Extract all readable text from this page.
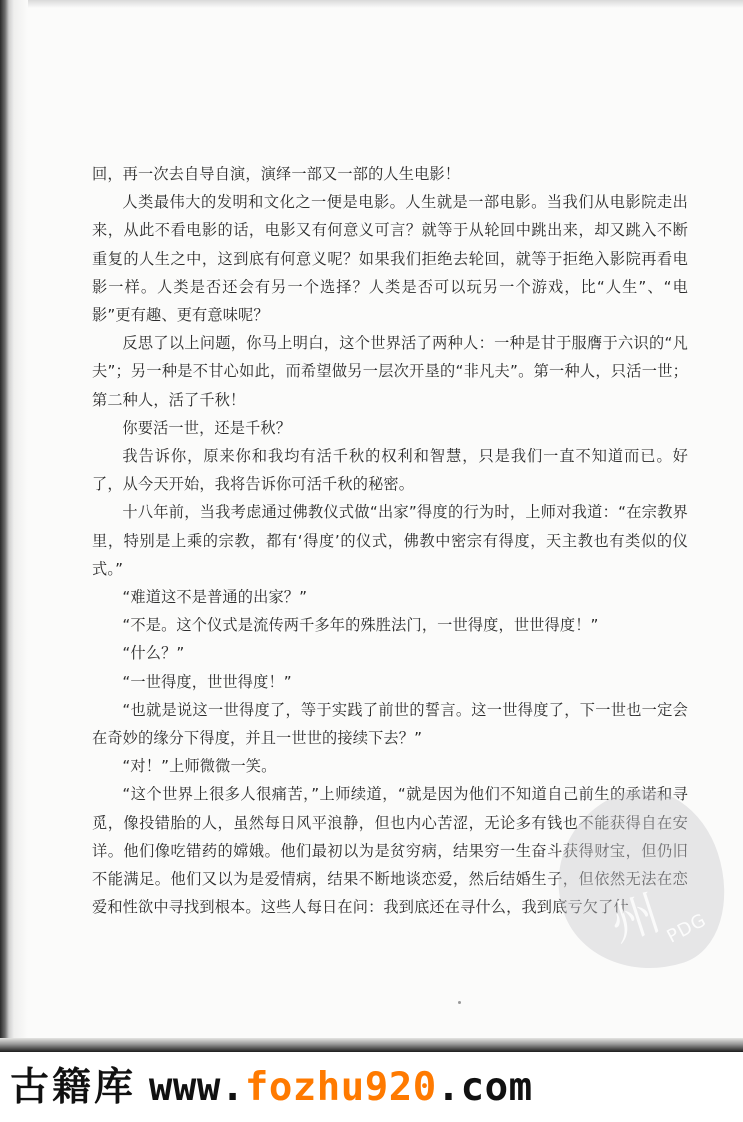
回，再一次去自导自演，演绎一部又一部的人生电影！

人类最伟大的发明和文化之一便是电影。人生就是一部电影。当我们从电影院走出来，从此不看电影的话，电影又有何意义可言？就等于从轮回中跳出来，却又跳入不断重复的人生之中，这到底有何意义呢？如果我们拒绝去轮回，就等于拒绝入影院再看电影一样。人类是否还会有另一个选择？人类是否可以玩另一个游戏，比“人生”、“电影”更有趣、更有意味呢？

反思了以上问题，你马上明白，这个世界活了两种人：一种是甘于服膺于六识的“凡夫”；另一种是不甘心如此，而希望做另一层次开垦的“非凡夫”。第一种人，只活一世；第二种人，活了千秋！

你要活一世，还是千秋？

我告诉你，原来你和我均有活千秋的权利和智慧，只是我们一直不知道而已。好了，从今天开始，我将告诉你可活千秋的秘密。

十八年前，当我考虑通过佛教仪式做“出家”得度的行为时，上师对我道：“在宗教界里，特别是上乘的宗教，都有‘得度’的仪式，佛教中密宗有得度，天主教也有类似的仪式。”

“难道这不是普通的出家？”

“不是。这个仪式是流传两千多年的殊胜法门，一世得度，世世得度！”

“什么？”

“一世得度，世世得度！”

“也就是说这一世得度了，等于实践了前世的誓言。这一世得度了，下一世也一定会在奇妙的缘分下得度，并且一世世的接续下去？”

“对！”上师微微一笑。

“这个世界上很多人很痛苦，”上师续道，“就是因为他们不知道自己前生的承诺和寻觅，像投错胎的人，虽然每日风平浪静，但也内心苦涩，无论多有钱也不能获得自在安详。他们像吃错药的嫦娥。他们最初以为是贫穷病，结果穷一生奋斗获得财宝，但仍旧不能满足。他们又以为是爱情病，结果不断地谈恋爱，然后结婚生子，但依然无法在恋爱和性欲中寻找到根本。这些人每日在问：我到底还在寻什么，我到底亏欠了什

州
PDG
古籍库 www.fozhu920.com
